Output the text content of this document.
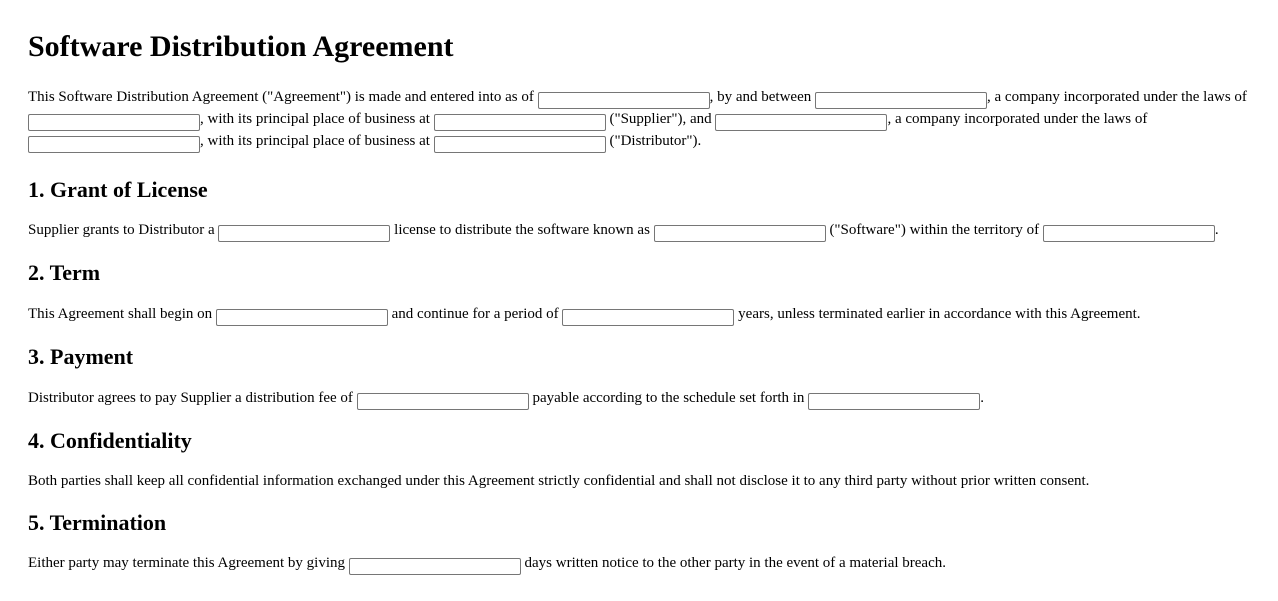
Software Distribution Agreement

This Software Distribution Agreement ("Agreement") is made and entered into as of	, by and between	, a company incorporated under the laws of , with its principal place of business at	("Supplier"), and	, a company incorporated under the laws of , with its principal place of business at	("Distributor").

1. Grant of License

Supplier grants to Distributor a	license to distribute the software known as	("Software") within the territory of	.

2. Term

This Agreement shall begin on	and continue for a period of	years, unless terminated earlier in accordance with this Agreement.

3. Payment

Distributor agrees to pay Supplier a distribution fee of	payable according to the schedule set forth in	.

4. Confidentiality

Both parties shall keep all confidential information exchanged under this Agreement strictly confidential and shall not disclose it to any third party without prior written consent.

5. Termination

Either party may terminate this Agreement by giving	days written notice to the other party in the event of a material breach.
